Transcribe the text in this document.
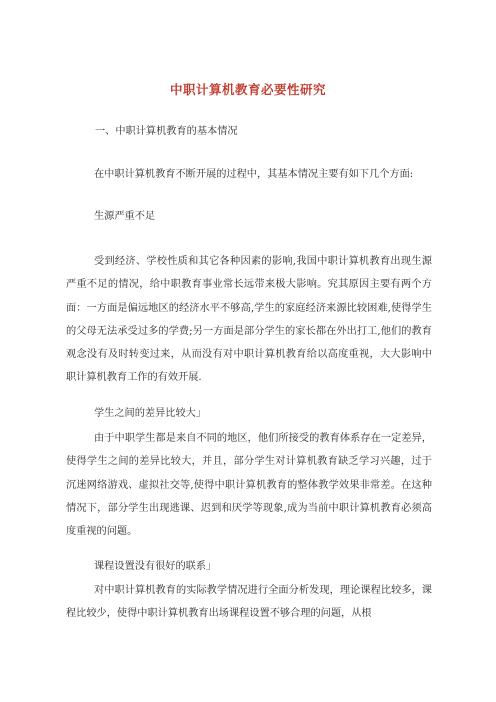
中职计算机教育必要性研究
一、中职计算机教育的基本情况
在中职计算机教育不断开展的过程中，其基本情况主要有如下几个方面:
生源严重不足
受到经济、学校性质和其它各种因素的影响,我国中职计算机教育出现生源严重不足的情况，给中职教育事业常长远带来极大影响。究其原因主要有两个方面：一方面是偏远地区的经济水平不够高,学生的家庭经济来源比较困难,使得学生的父母无法承受过多的学费;另一方面是部分学生的家长都在外出打工,他们的教育观念没有及时转变过来，从而没有对中职计算机教育给以高度重视，大大影响中职计算机教育工作的有效开展.
学生之间的差异比较大」
由于中职学生都是来自不同的地区，他们所接受的教育体系存在一定差异，使得学生之间的差异比较大，并且，部分学生对计算机教育缺乏学习兴趣，过于沉迷网络游戏、虚拟社交等,使得中职计算机教育的整体教学效果非常差。在这种情况下，部分学生出现逃课、迟到和厌学等现象,成为当前中职计算机教育必须高度重视的问题。
课程设置没有很好的联系」
对中职计算机教育的实际教学情况进行全面分析发现，理论课程比较多，课程比较少，使得中职计算机教育出场课程设置不够合理的问题，从根
